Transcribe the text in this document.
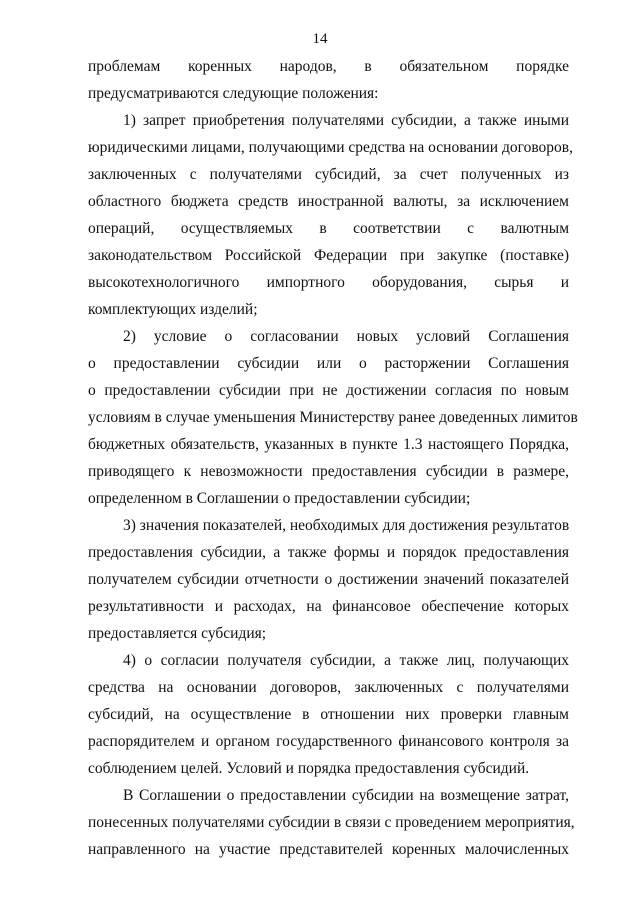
14
проблемам коренных народов, в обязательном порядке
предусматриваются следующие положения:
1) запрет приобретения получателями субсидии, а также иными
юридическими лицами, получающими средства на основании договоров,
заключенных с получателями субсидий, за счет полученных из
областного бюджета средств иностранной валюты, за исключением
операций, осуществляемых в соответствии с валютным
законодательством Российской Федерации при закупке (поставке)
высокотехнологичного импортного оборудования, сырья и
комплектующих изделий;
2) условие о согласовании новых условий Соглашения
о предоставлении субсидии или о расторжении Соглашения
о предоставлении субсидии при не достижении согласия по новым
условиям в случае уменьшения Министерству ранее доведенных лимитов
бюджетных обязательств, указанных в пункте 1.3 настоящего Порядка,
приводящего к невозможности предоставления субсидии в размере,
определенном в Соглашении о предоставлении субсидии;
3) значения показателей, необходимых для достижения результатов
предоставления субсидии, а также формы и порядок предоставления
получателем субсидии отчетности о достижении значений показателей
результативности и расходах, на финансовое обеспечение которых
предоставляется субсидия;
4) о согласии получателя субсидии, а также лиц, получающих
средства на основании договоров, заключенных с получателями
субсидий, на осуществление в отношении них проверки главным
распорядителем и органом государственного финансового контроля за
соблюдением целей. Условий и порядка предоставления субсидий.
В Соглашении о предоставлении субсидии на возмещение затрат,
понесенных получателями субсидии в связи с проведением мероприятия,
направленного на участие представителей коренных малочисленных
